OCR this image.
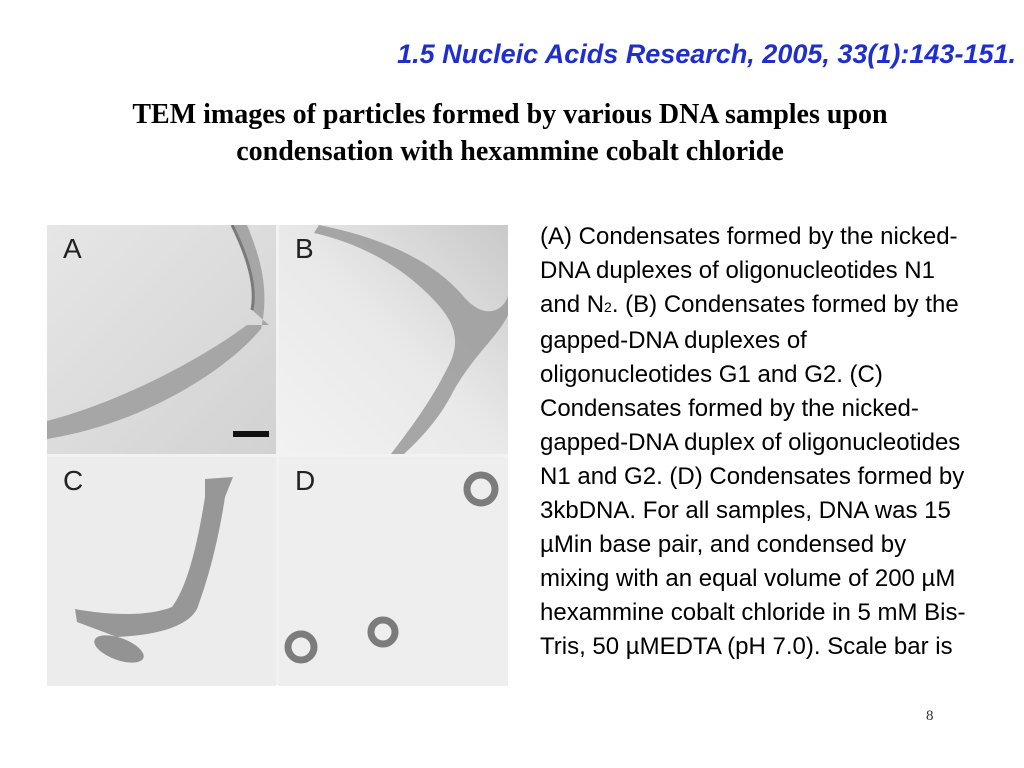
1.5 Nucleic Acids Research, 2005, 33(1):143-151.
TEM images of particles formed by various DNA samples upon condensation with hexammine cobalt chloride

A	B

C	D

(A) Condensates formed by the nicked-DNA duplexes of oligonucleotides N1 and N2. (B) Condensates formed by the gapped-DNA duplexes of oligonucleotides G1 and G2. (C) Condensates formed by the nicked-gapped-DNA duplex of oligonucleotides N1 and G2. (D) Condensates formed by 3kbDNA. For all samples, DNA was 15 µMin base pair, and condensed by mixing with an equal volume of 200 µM hexammine cobalt chloride in 5 mM Bis-Tris, 50 µMEDTA (pH 7.0). Scale bar is

8
